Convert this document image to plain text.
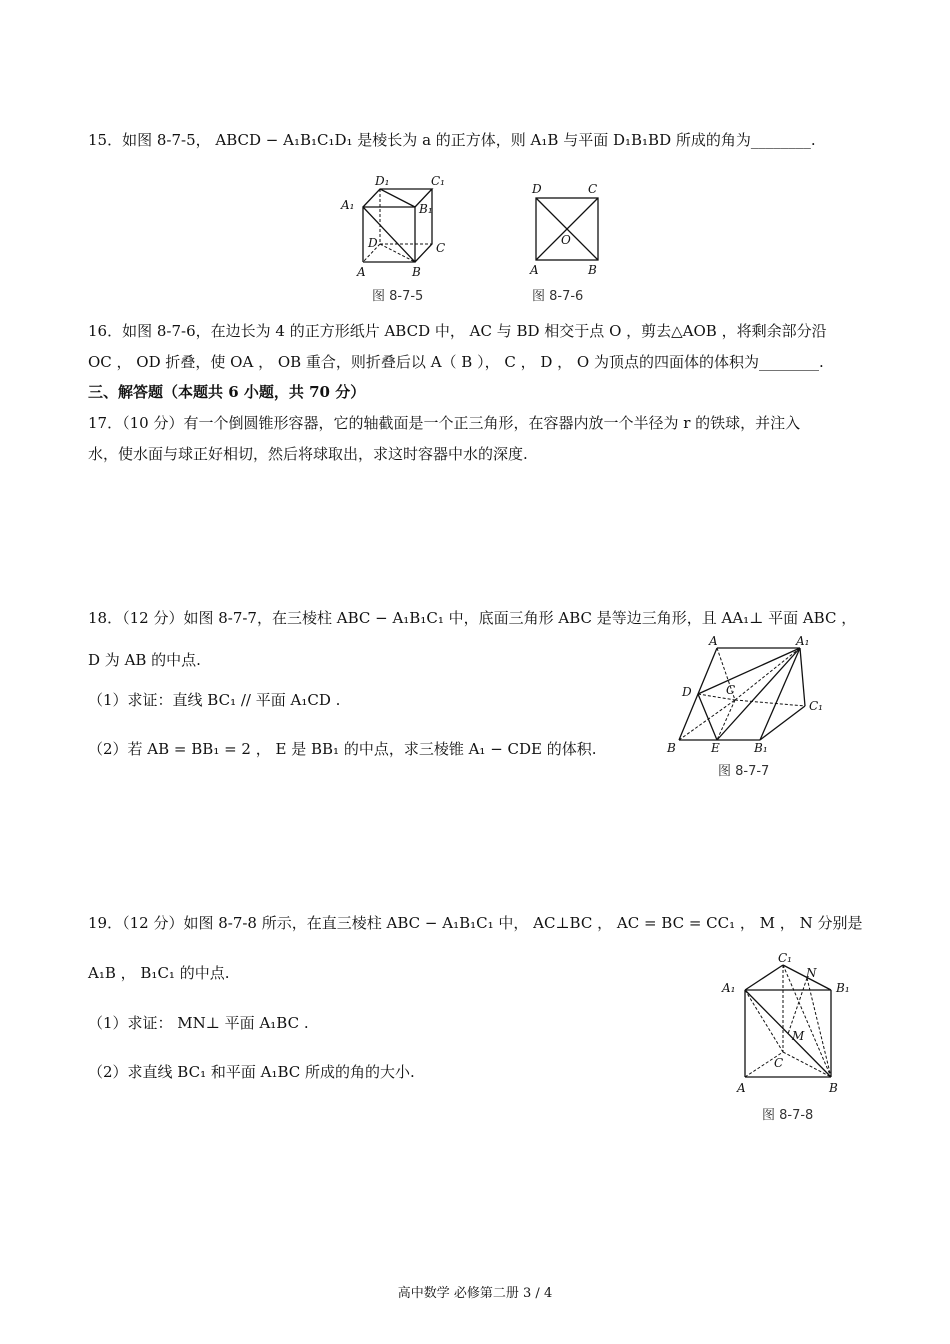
15．如图 8-7-5， ABCD − A₁B₁C₁D₁ 是棱长为 a 的正方体，则 A₁B 与平面 D₁B₁BD 所成的角为________.
A₁
D₁	C₁
B₁
D	C
A	B
图 8-7-5
D	C
A	B
O
图 8-7-6
16．如图 8-7-6，在边长为 4 的正方形纸片 ABCD 中， AC 与 BD 相交于点 O ，剪去△AOB ，将剩余部分沿
OC ， OD 折叠，使 OA ， OB 重合，则折叠后以 A（ B ）， C ， D ， O 为顶点的四面体的体积为________.
三、解答题（本题共 6 小题，共 70 分）
17．（10 分）有一个倒圆锥形容器，它的轴截面是一个正三角形，在容器内放一个半径为 r 的铁球，并注入
水，使水面与球正好相切，然后将球取出，求这时容器中水的深度.
18．（12 分）如图 8-7-7，在三棱柱 ABC − A₁B₁C₁ 中，底面三角形 ABC 是等边三角形，且 AA₁⊥ 平面 ABC ，
D 为 AB 的中点.
（1）求证：直线 BC₁ // 平面 A₁CD .
（2）若 AB = BB₁ = 2 ， E 是 BB₁ 的中点，求三棱锥 A₁ − CDE 的体积.
A	A₁
D	C
C₁
B	E	B₁
图 8-7-7
19．（12 分）如图 8-7-8 所示，在直三棱柱 ABC − A₁B₁C₁ 中， AC⊥BC ， AC = BC = CC₁ ， M ， N 分别是
A₁B ， B₁C₁ 的中点.
（1）求证： MN⊥ 平面 A₁BC .
（2）求直线 BC₁ 和平面 A₁BC 所成的角的大小.
C₁
N
A₁	B₁
M
C
A	B
图 8-7-8
高中数学 必修第二册 3 / 4
